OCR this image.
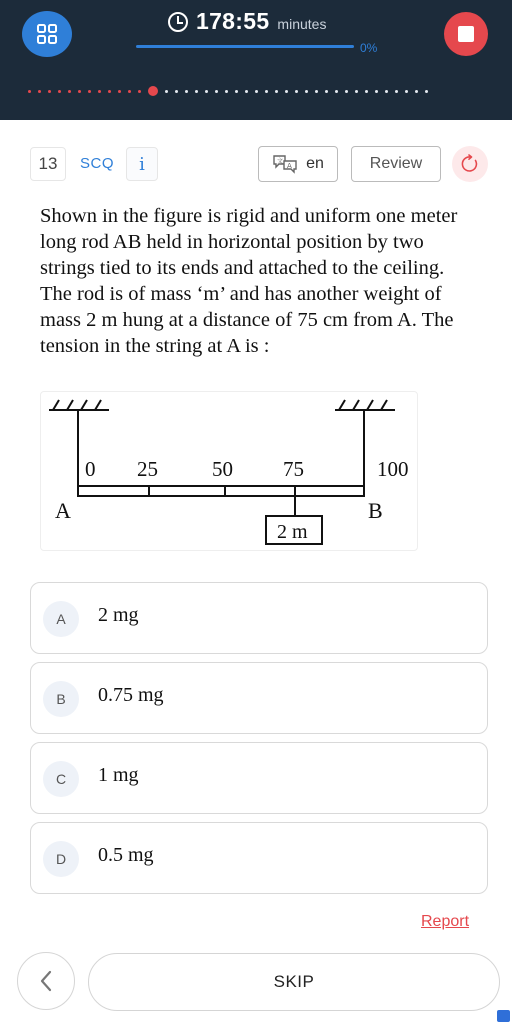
178:55 minutes
0%
13	SCQ	i	文
A en	Review
Shown in the figure is rigid and uniform one meter long rod AB held in horizontal position by two strings tied to its ends and attached to the ceiling. The rod is of mass ‘m’ and has another weight of mass 2 m hung at a distance of 75 cm from A. The tension in the string at A is :
0 25	50 75	100
A	B
2 m
A	2 mg
B	0.75 mg
C	1 mg
D	0.5 mg
Report
SKIP
